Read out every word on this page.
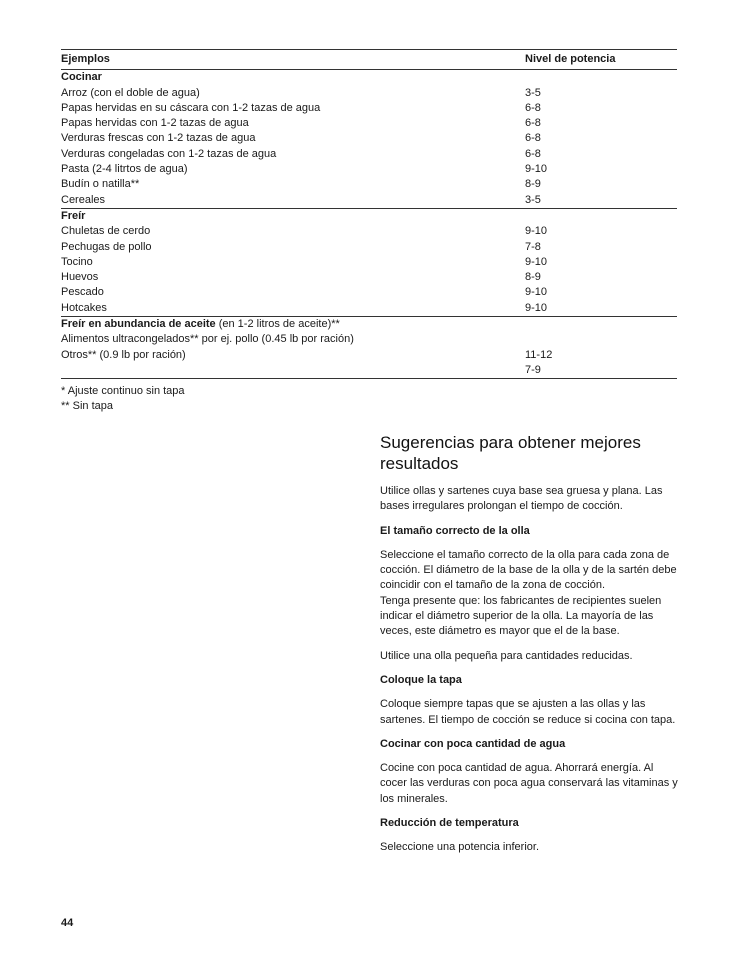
Ejemplos	Nivel de potencia
Cocinar	
Arroz (con el doble de agua)	3-5
Papas hervidas en su cáscara con 1-2 tazas de agua	6-8
Papas hervidas con 1-2 tazas de agua	6-8
Verduras frescas con 1-2 tazas de agua	6-8
Verduras congeladas con 1-2 tazas de agua	6-8
Pasta (2-4 litrtos de agua)	9-10
Budín o natilla**	8-9
Cereales	3-5
Freír	
Chuletas de cerdo	9-10
Pechugas de pollo	7-8
Tocino	9-10
Huevos	8-9
Pescado	9-10
Hotcakes	9-10
Freír en abundancia de aceite (en 1-2 litros de aceite)**	
Alimentos ultracongelados** por ej. pollo (0.45 lb por ración)	
Otros** (0.9 lb por ración)	11-12
	7-9
* Ajuste continuo sin tapa
** Sin tapa
Sugerencias para obtener mejores resultados

Utilice ollas y sartenes cuya base sea gruesa y plana. Las bases irregulares prolongan el tiempo de cocción.

El tamaño correcto de la olla

Seleccione el tamaño correcto de la olla para cada zona de cocción. El diámetro de la base de la olla y de la sartén debe coincidir con el tamaño de la zona de cocción.

Tenga presente que: los fabricantes de recipientes suelen indicar el diámetro superior de la olla. La mayoría de las veces, este diámetro es mayor que el de la base.

Utilice una olla pequeña para cantidades reducidas.

Coloque la tapa

Coloque siempre tapas que se ajusten a las ollas y las sartenes. El tiempo de cocción se reduce si cocina con tapa.

Cocinar con poca cantidad de agua

Cocine con poca cantidad de agua. Ahorrará energía. Al cocer las verduras con poca agua conservará las vitaminas y los minerales.

Reducción de temperatura

Seleccione una potencia inferior.

44
